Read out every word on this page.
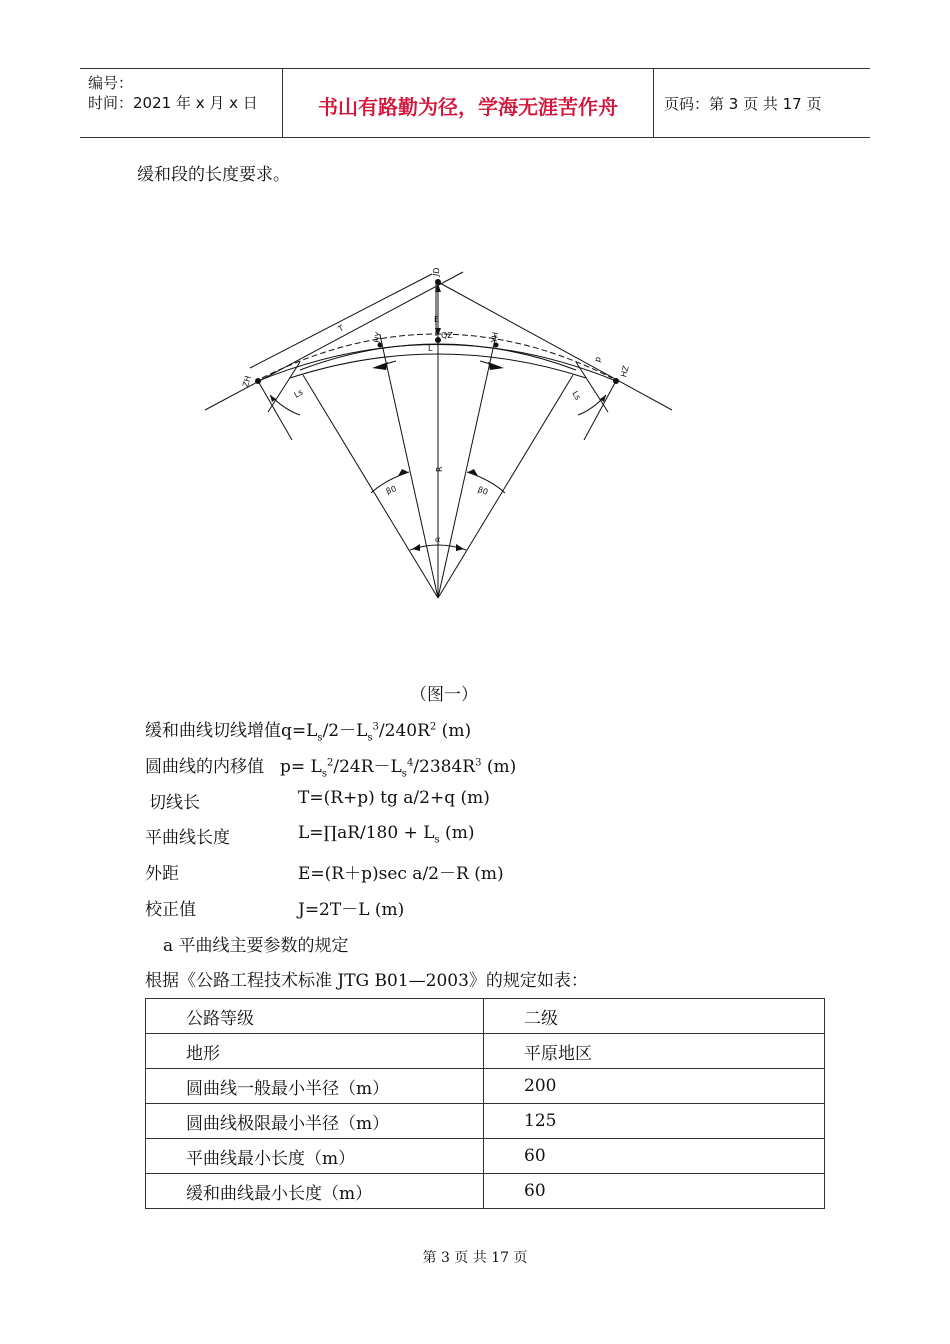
编号：
时间：2021 年 x 月 x 日	书山有路勤为径，学海无涯苦作舟	页码：第 3 页 共 17 页
缓和段的长度要求。
JD
E
QZ
HY	YH
ZH
HZ
T
Ls	Ls
R
β0	β0
α
L
p
（图一）
缓和曲线切线增值$q=L_s/2-L_s^3/240R^2$ (m)
圆曲线的内移值 $p= L_s^2/24R-L_s^4/2384R^3$ (m)
切线长	T=(R+p) tg a/2+q (m)
平曲线长度	L=∏aR/180 + $L_s$ (m)
外距	E=(R＋p)sec a/2－R (m)
校正值	J=2T－L (m)
a 平曲线主要参数的规定
根据《公路工程技术标准 JTG B01—2003》的规定如表：
公路等级	二级
地形	平原地区
圆曲线一般最小半径（m）	200
圆曲线极限最小半径（m）	125
平曲线最小长度（m）	60
缓和曲线最小长度（m）	60
第 3 页 共 17 页
